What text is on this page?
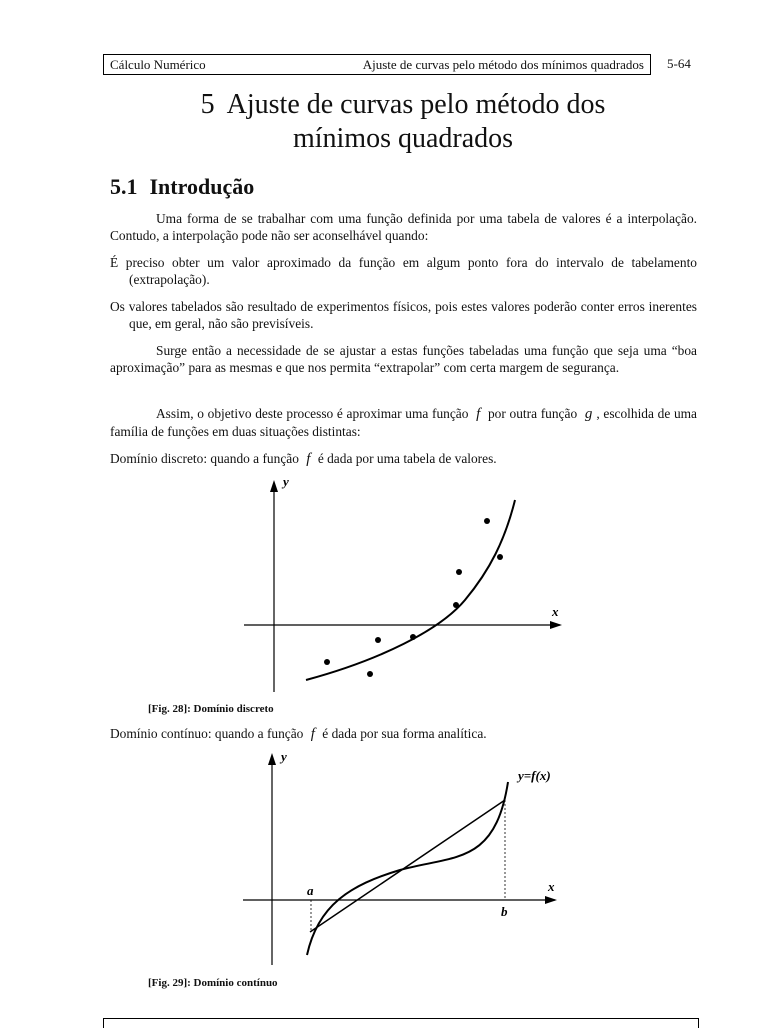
Cálculo Numérico	Ajuste de curvas pelo método dos mínimos quadrados 5-64
5 Ajuste de curvas pelo método dos
mínimos quadrados
5.1 Introdução

Uma forma de se trabalhar com uma função definida por uma tabela de valores é a interpolação. Contudo, a interpolação pode não ser aconselhável quando:

É preciso obter um valor aproximado da função em algum ponto fora do intervalo de tabelamento (extrapolação).

Os valores tabelados são resultado de experimentos físicos, pois estes valores poderão conter erros inerentes que, em geral, não são previsíveis.

Surge então a necessidade de se ajustar a estas funções tabeladas uma função que seja uma “boa aproximação” para as mesmas e que nos permita “extrapolar” com certa margem de segurança.

Assim, o objetivo deste processo é aproximar uma função f por outra função g , escolhida de uma família de funções em duas situações distintas:

Domínio discreto: quando a função f é dada por uma tabela de valores.

y
x
y
x
y=f(x)
a
b
[Fig. 28]: Domínio discreto

Domínio contínuo: quando a função f é dada por sua forma analítica.

[Fig. 29]: Domínio contínuo
